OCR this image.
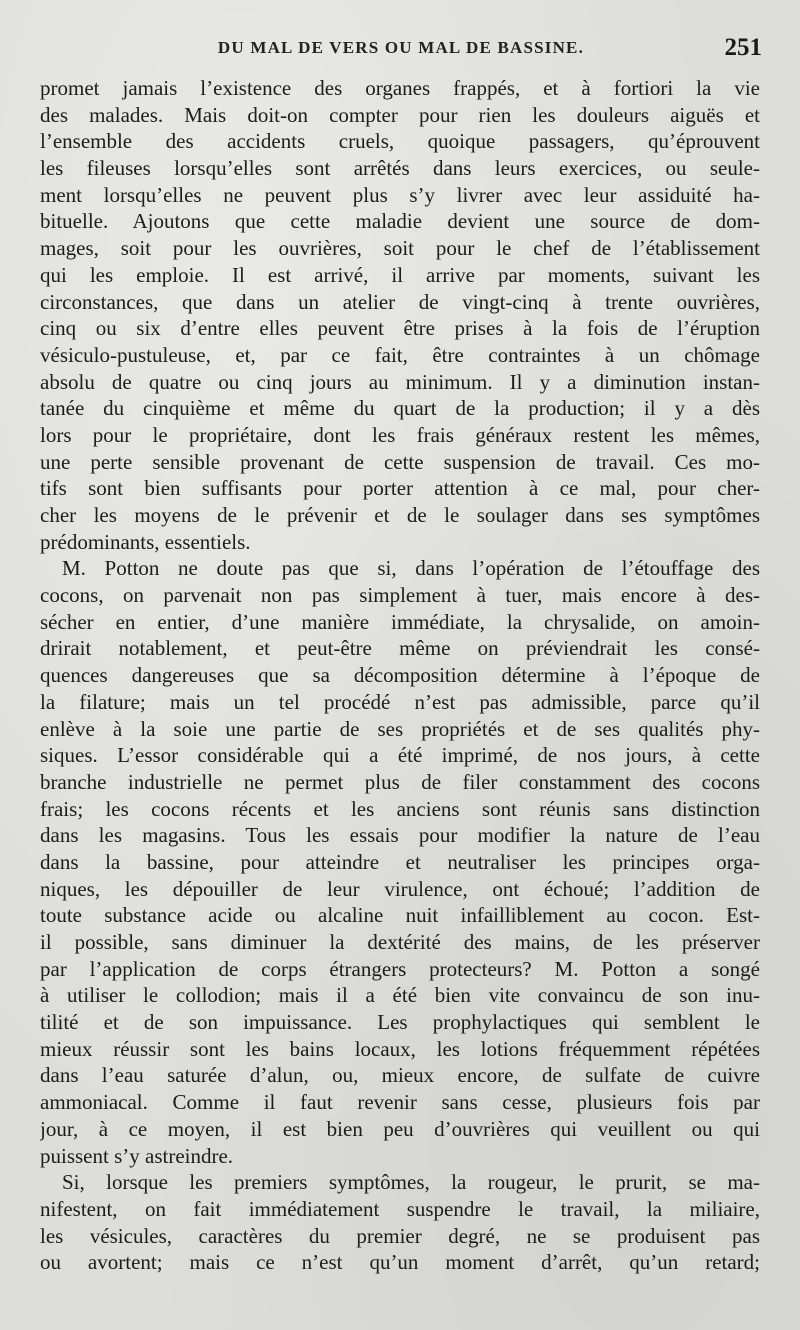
DU MAL DE VERS OU MAL DE BASSINE.	251
promet jamais l’existence des organes frappés, et à fortiori la vie
des malades. Mais doit-on compter pour rien les douleurs aiguës et
l’ensemble des accidents cruels, quoique passagers, qu’éprouvent
les fileuses lorsqu’elles sont arrêtés dans leurs exercices, ou seule-
ment lorsqu’elles ne peuvent plus s’y livrer avec leur assiduité ha-
bituelle. Ajoutons que cette maladie devient une source de dom-
mages, soit pour les ouvrières, soit pour le chef de l’établissement
qui les emploie. Il est arrivé, il arrive par moments, suivant les
circonstances, que dans un atelier de vingt-cinq à trente ouvrières,
cinq ou six d’entre elles peuvent être prises à la fois de l’éruption
vésiculo-pustuleuse, et, par ce fait, être contraintes à un chômage
absolu de quatre ou cinq jours au minimum. Il y a diminution instan-
tanée du cinquième et même du quart de la production; il y a dès
lors pour le propriétaire, dont les frais généraux restent les mêmes,
une perte sensible provenant de cette suspension de travail. Ces mo-
tifs sont bien suffisants pour porter attention à ce mal, pour cher-
cher les moyens de le prévenir et de le soulager dans ses symptômes
prédominants, essentiels.
M. Potton ne doute pas que si, dans l’opération de l’étouffage des
cocons, on parvenait non pas simplement à tuer, mais encore à des-
sécher en entier, d’une manière immédiate, la chrysalide, on amoin-
drirait notablement, et peut-être même on préviendrait les consé-
quences dangereuses que sa décomposition détermine à l’époque de
la filature; mais un tel procédé n’est pas admissible, parce qu’il
enlève à la soie une partie de ses propriétés et de ses qualités phy-
siques. L’essor considérable qui a été imprimé, de nos jours, à cette
branche industrielle ne permet plus de filer constamment des cocons
frais; les cocons récents et les anciens sont réunis sans distinction
dans les magasins. Tous les essais pour modifier la nature de l’eau
dans la bassine, pour atteindre et neutraliser les principes orga-
niques, les dépouiller de leur virulence, ont échoué; l’addition de
toute substance acide ou alcaline nuit infailliblement au cocon. Est-
il possible, sans diminuer la dextérité des mains, de les préserver
par l’application de corps étrangers protecteurs? M. Potton a songé
à utiliser le collodion; mais il a été bien vite convaincu de son inu-
tilité et de son impuissance. Les prophylactiques qui semblent le
mieux réussir sont les bains locaux, les lotions fréquemment répétées
dans l’eau saturée d’alun, ou, mieux encore, de sulfate de cuivre
ammoniacal. Comme il faut revenir sans cesse, plusieurs fois par
jour, à ce moyen, il est bien peu d’ouvrières qui veuillent ou qui
puissent s’y astreindre.
Si, lorsque les premiers symptômes, la rougeur, le prurit, se ma-
nifestent, on fait immédiatement suspendre le travail, la miliaire,
les vésicules, caractères du premier degré, ne se produisent pas
ou avortent; mais ce n’est qu’un moment d’arrêt, qu’un retard;
